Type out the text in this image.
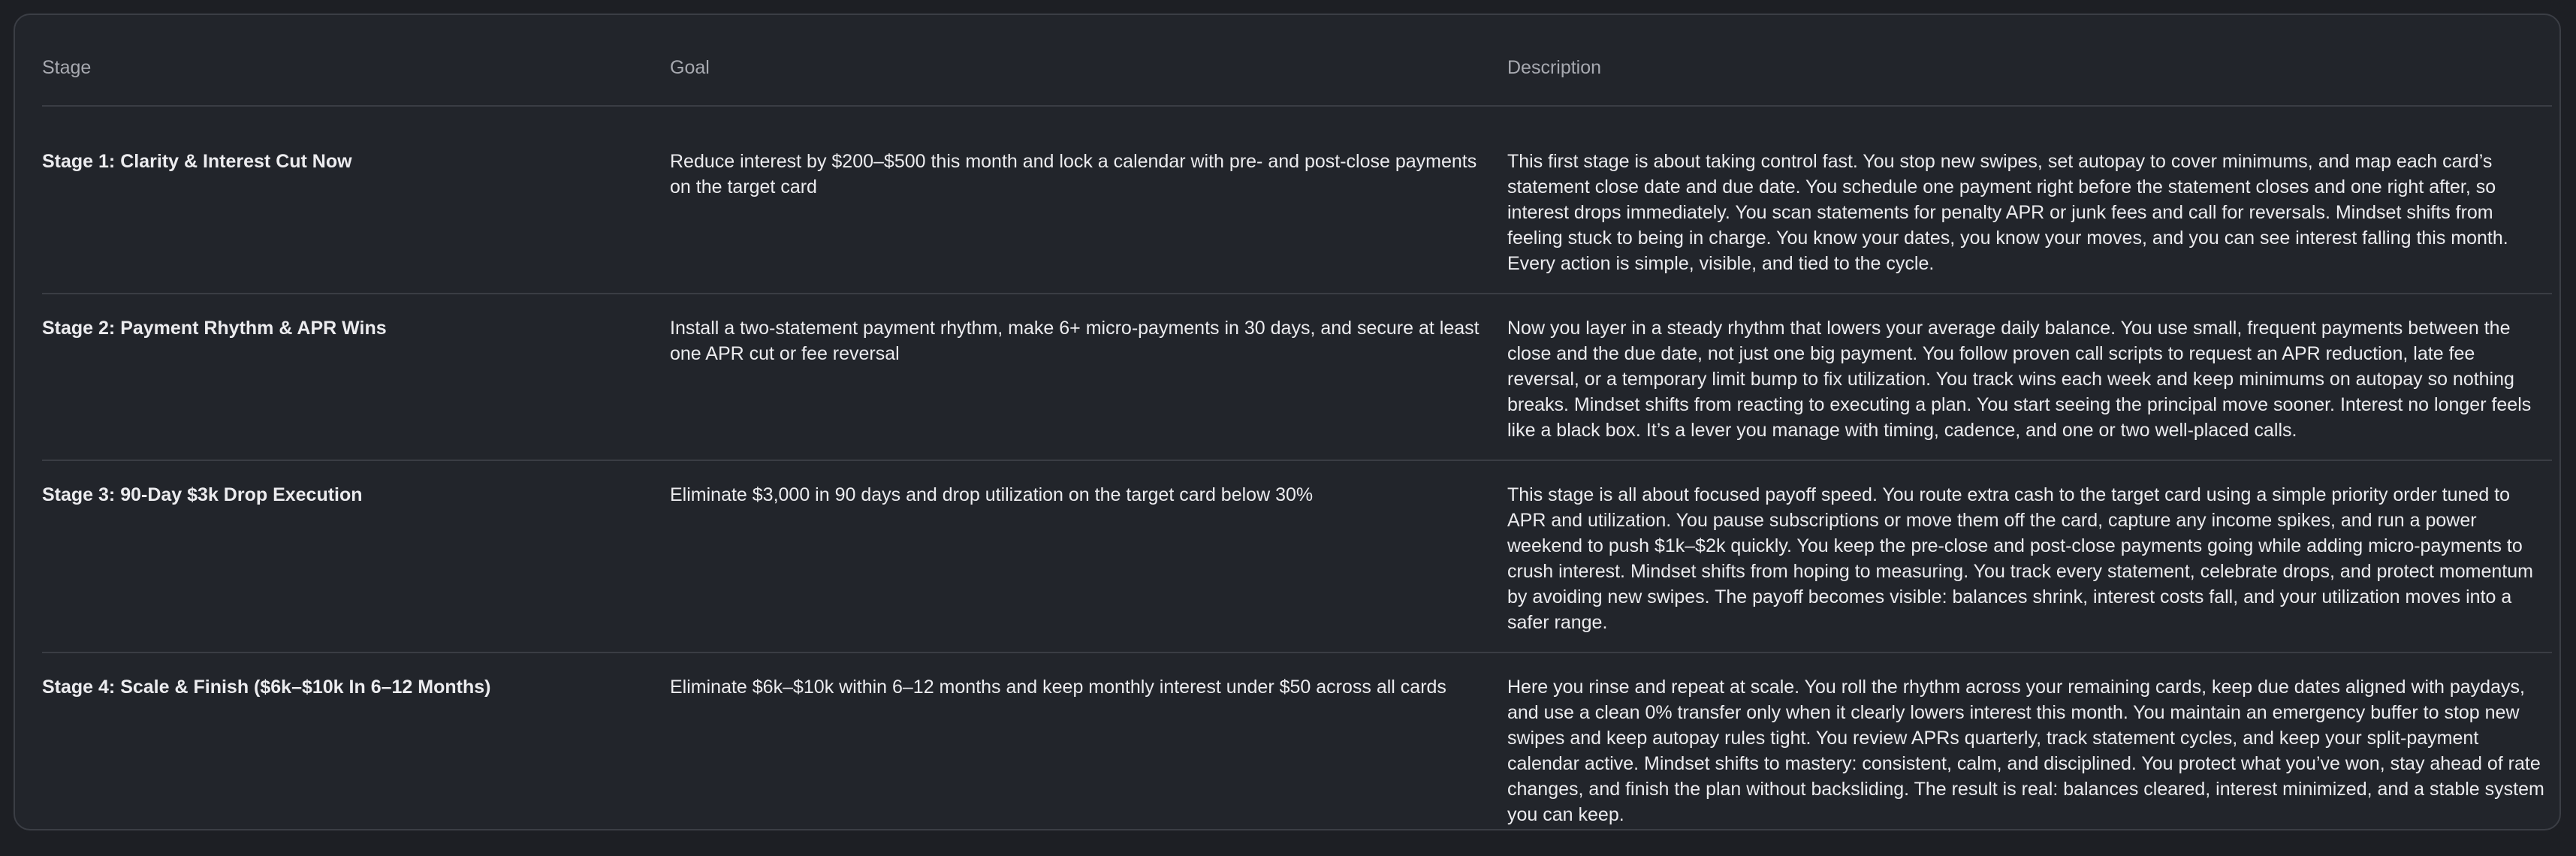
Stage	Goal	Description
Stage 1: Clarity & Interest Cut Now	Reduce interest by $200–$500 this month and lock a calendar with pre- and post-close payments on the target card	This first stage is about taking control fast. You stop new swipes, set autopay to cover minimums, and map each card’s statement close date and due date. You schedule one payment right before the statement closes and one right after, so interest drops immediately. You scan statements for penalty APR or junk fees and call for reversals. Mindset shifts from feeling stuck to being in charge. You know your dates, you know your moves, and you can see interest falling this month. Every action is simple, visible, and tied to the cycle.
Stage 2: Payment Rhythm & APR Wins	Install a two-statement payment rhythm, make 6+ micro-payments in 30 days, and secure at least one APR cut or fee reversal	Now you layer in a steady rhythm that lowers your average daily balance. You use small, frequent payments between the close and the due date, not just one big payment. You follow proven call scripts to request an APR reduction, late fee reversal, or a temporary limit bump to fix utilization. You track wins each week and keep minimums on autopay so nothing breaks. Mindset shifts from reacting to executing a plan. You start seeing the principal move sooner. Interest no longer feels like a black box. It’s a lever you manage with timing, cadence, and one or two well-placed calls.
Stage 3: 90-Day $3k Drop Execution	Eliminate $3,000 in 90 days and drop utilization on the target card below 30%	This stage is all about focused payoff speed. You route extra cash to the target card using a simple priority order tuned to APR and utilization. You pause subscriptions or move them off the card, capture any income spikes, and run a power weekend to push $1k–$2k quickly. You keep the pre-close and post-close payments going while adding micro-payments to crush interest. Mindset shifts from hoping to measuring. You track every statement, celebrate drops, and protect momentum by avoiding new swipes. The payoff becomes visible: balances shrink, interest costs fall, and your utilization moves into a safer range.
Stage 4: Scale & Finish ($6k–$10k In 6–12 Months)	Eliminate $6k–$10k within 6–12 months and keep monthly interest under $50 across all cards	Here you rinse and repeat at scale. You roll the rhythm across your remaining cards, keep due dates aligned with paydays, and use a clean 0% transfer only when it clearly lowers interest this month. You maintain an emergency buffer to stop new swipes and keep autopay rules tight. You review APRs quarterly, track statement cycles, and keep your split-payment calendar active. Mindset shifts to mastery: consistent, calm, and disciplined. You protect what you’ve won, stay ahead of rate changes, and finish the plan without backsliding. The result is real: balances cleared, interest minimized, and a stable system you can keep.
